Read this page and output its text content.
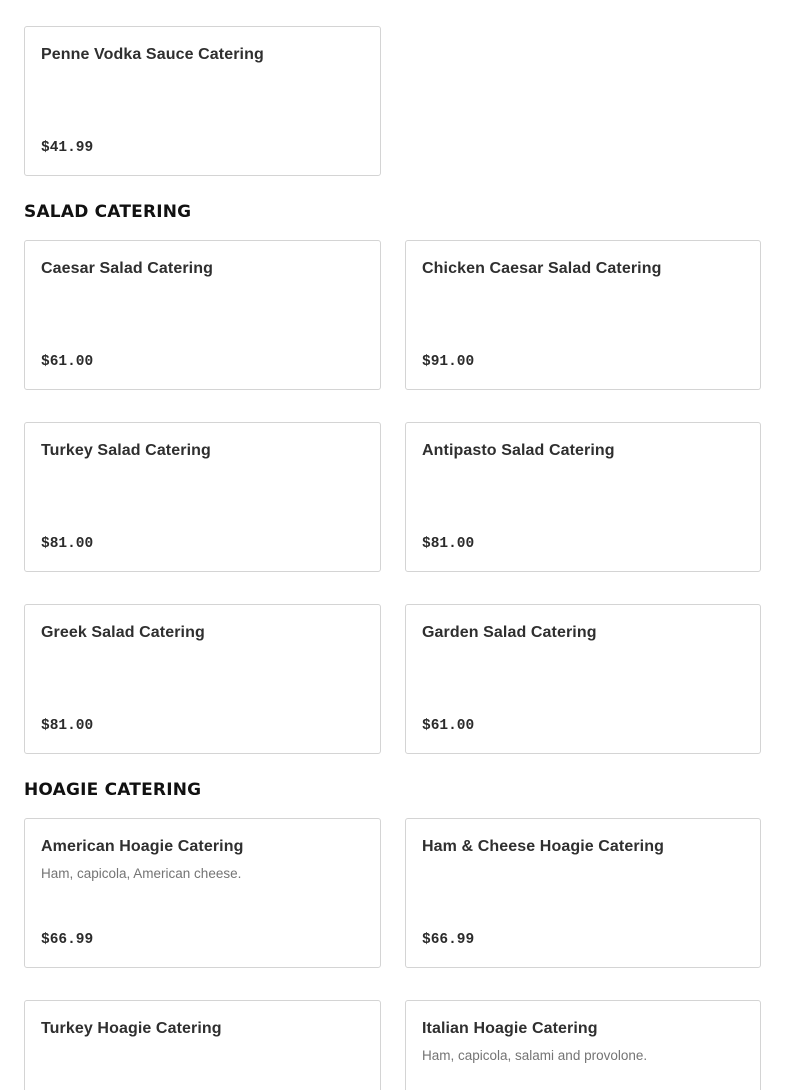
Penne Vodka Sauce Catering
$41.99
SALAD CATERING
Caesar Salad Catering
$61.00
Chicken Caesar Salad Catering
$91.00
Turkey Salad Catering
$81.00
Antipasto Salad Catering
$81.00
Greek Salad Catering
$81.00
Garden Salad Catering
$61.00
HOAGIE CATERING
American Hoagie Catering
Ham, capicola, American cheese.
$66.99
Ham & Cheese Hoagie Catering
$66.99
Turkey Hoagie Catering	Italian Hoagie Catering
Ham, capicola, salami and provolone.
